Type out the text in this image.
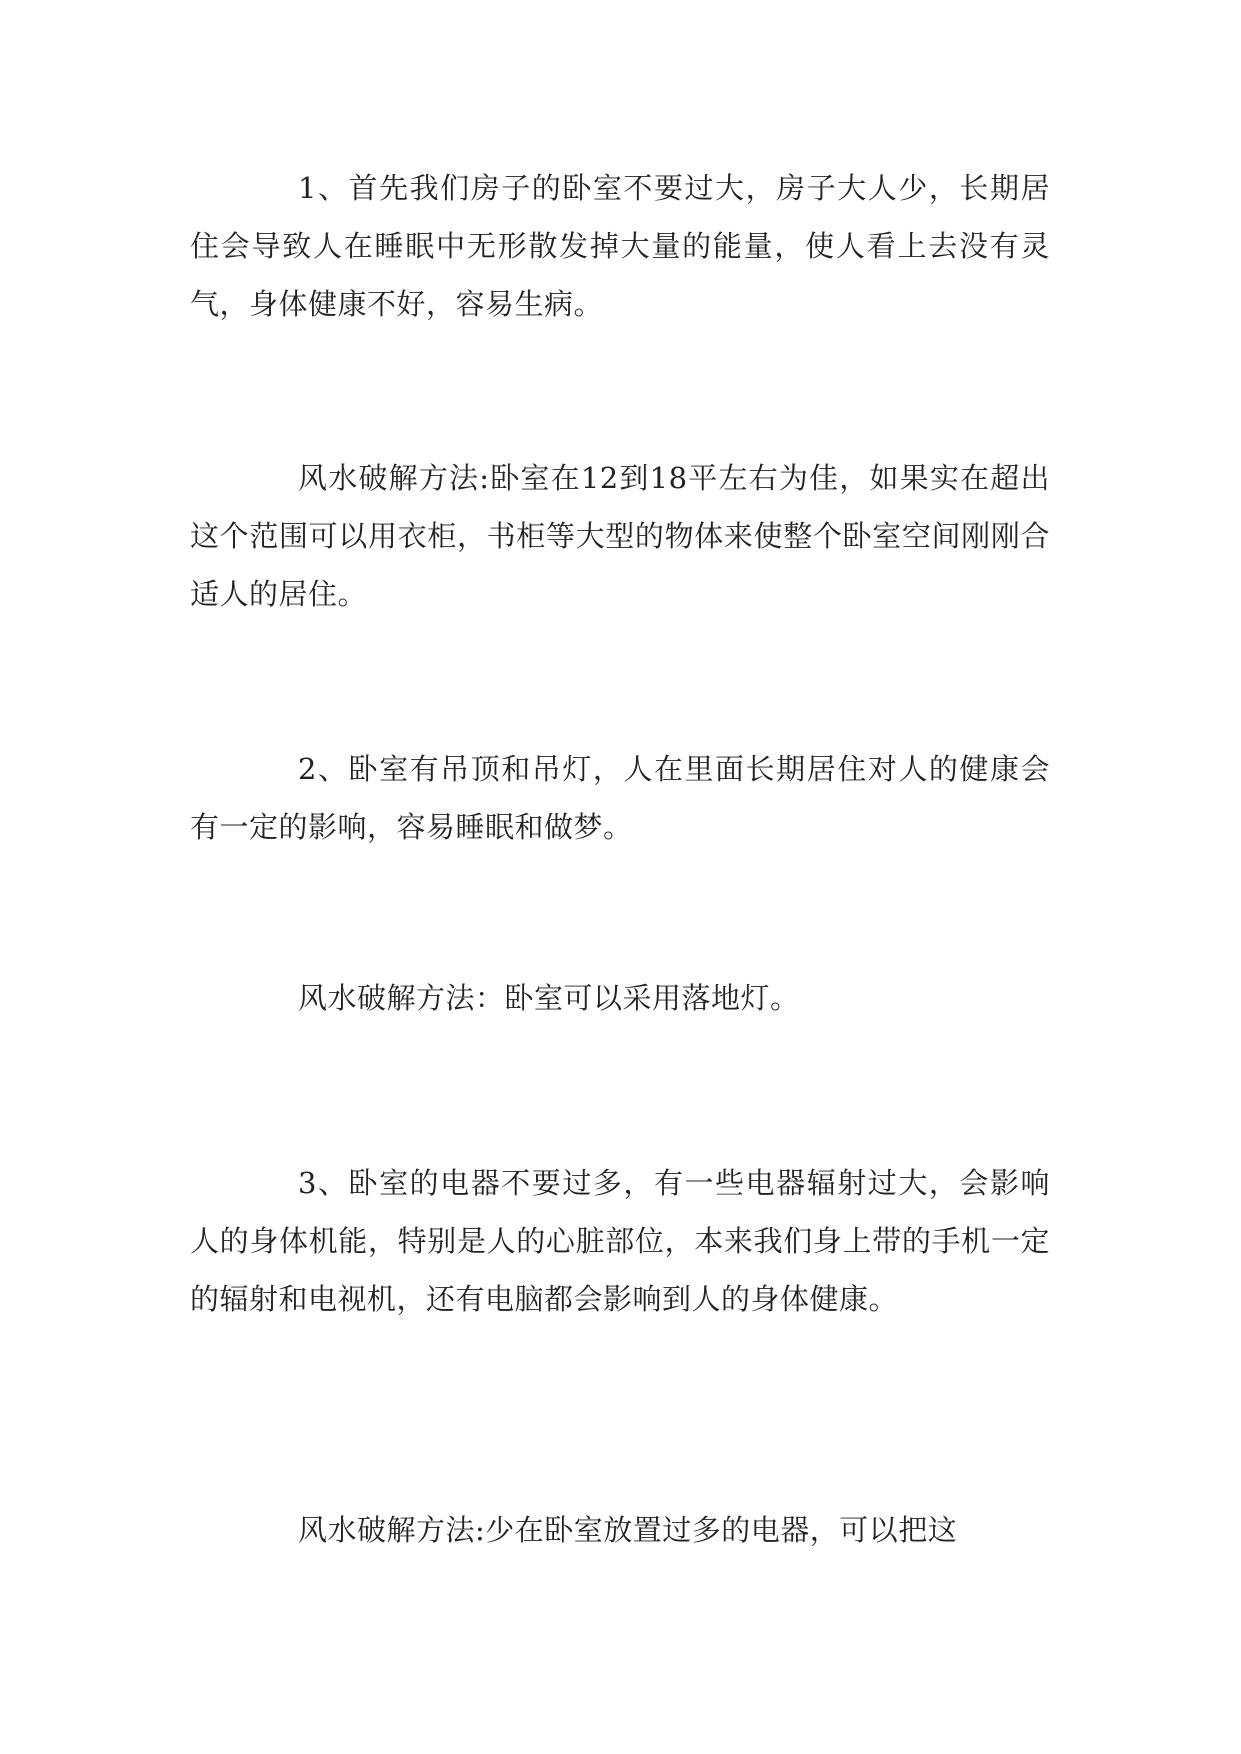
1、首先我们房子的卧室不要过大，房子大人少，长期居住会导致人在睡眠中无形散发掉大量的能量，使人看上去没有灵气，身体健康不好，容易生病。

风水破解方法:卧室在12到18平左右为佳，如果实在超出这个范围可以用衣柜，书柜等大型的物体来使整个卧室空间刚刚合适人的居住。

2、卧室有吊顶和吊灯，人在里面长期居住对人的健康会有一定的影响，容易睡眠和做梦。

风水破解方法：卧室可以采用落地灯。

3、卧室的电器不要过多，有一些电器辐射过大，会影响人的身体机能，特别是人的心脏部位，本来我们身上带的手机一定的辐射和电视机，还有电脑都会影响到人的身体健康。

风水破解方法:少在卧室放置过多的电器，可以把这
